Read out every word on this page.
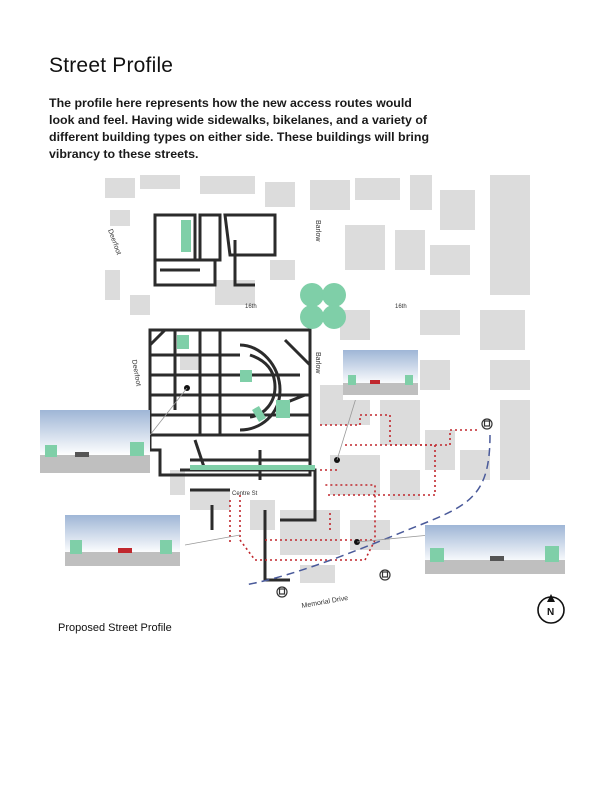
Street Profile

The profile here represents how the new access routes would look and feel. Having wide sidewalks, bikelanes, and a variety of different building types on either side. These buildings will bring vibrancy to these streets.

Deerfoot
Deerfoot
Barlow
Barlow
16th	16th
Centre St
Memorial Drive
N
Proposed Street Profile
